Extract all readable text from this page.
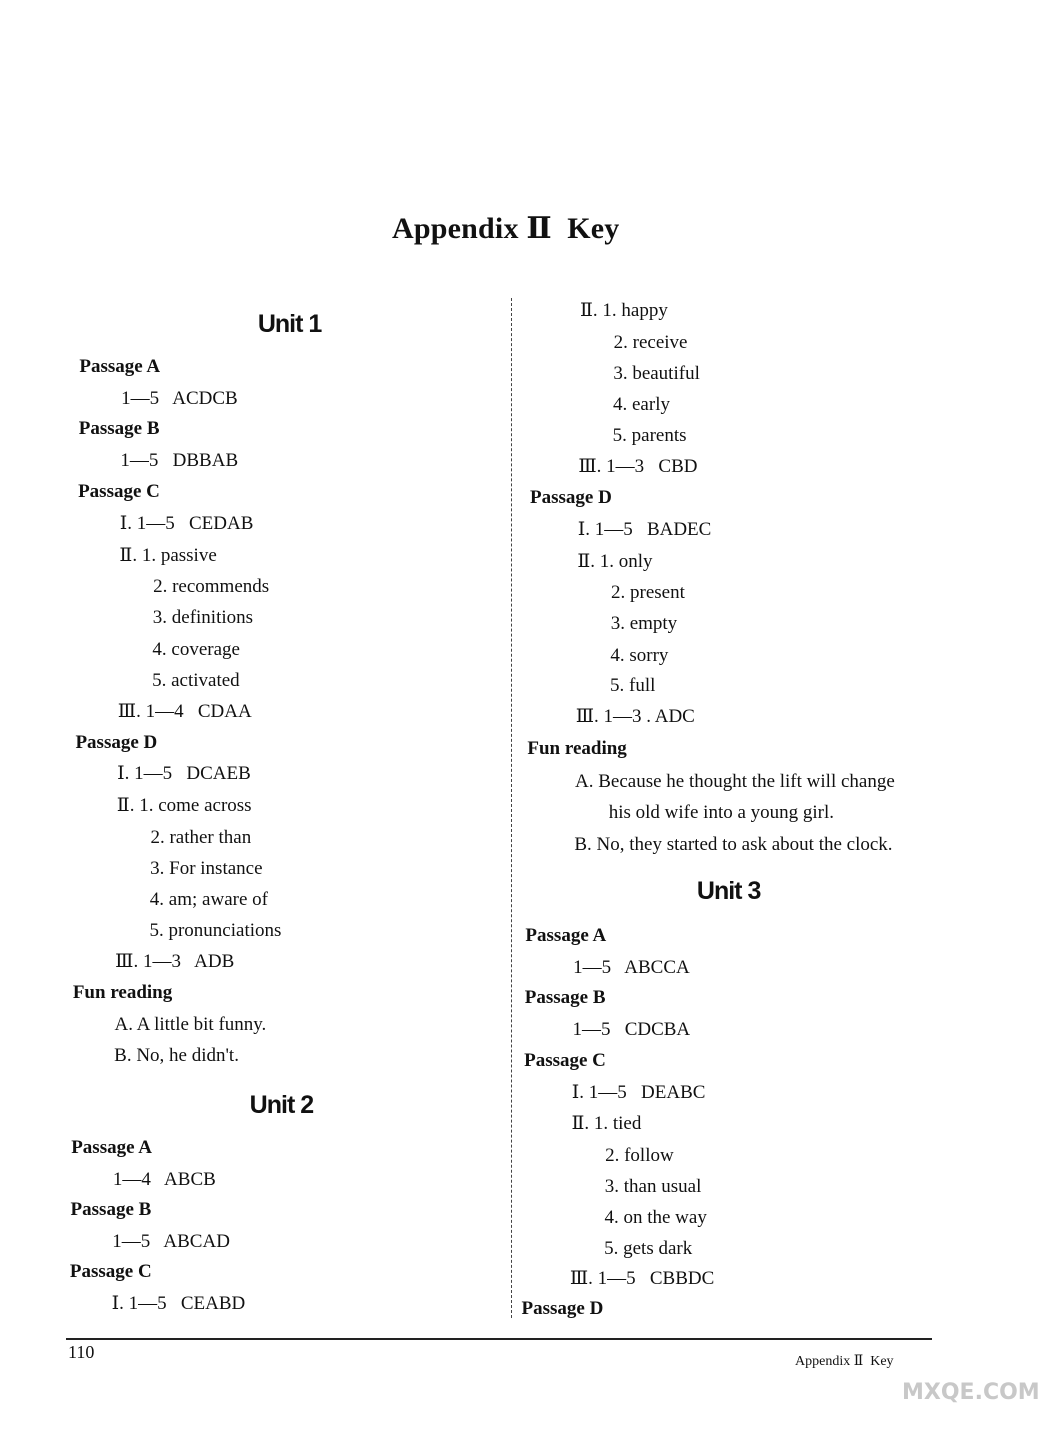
Appendix Ⅱ  Key
Unit 1
Passage A
1—5   ACDCB
Passage B
1—5   DBBAB
Passage C
Ⅰ. 1—5   CEDAB
Ⅱ. 1. passive
2. recommends
3. definitions
4. coverage
5. activated
Ⅲ. 1—4   CDAA
Passage D
Ⅰ. 1—5   DCAEB
Ⅱ. 1. come across
2. rather than
3. For instance
4. am; aware of
5. pronunciations
Ⅲ. 1—3   ADB
Fun reading
A. A little bit funny.
B. No, he didn't.
Unit 2
Passage A
1—4   ABCB
Passage B
1—5   ABCAD
Passage C
Ⅰ. 1—5   CEABD
Ⅱ. 1. happy
2. receive
3. beautiful
4. early
5. parents
Ⅲ. 1—3   CBD
Passage D
Ⅰ. 1—5   BADEC
Ⅱ. 1. only
2. present
3. empty
4. sorry
5. full
Ⅲ. 1—3 . ADC
Fun reading
A. Because he thought the lift will change
his old wife into a young girl.
B. No, they started to ask about the clock.
Unit 3
Passage A
1—5   ABCCA
Passage B
1—5   CDCBA
Passage C
Ⅰ. 1—5   DEABC
Ⅱ. 1. tied
2. follow
3. than usual
4. on the way
5. gets dark
Ⅲ. 1—5   CBBDC
Passage D
110	Appendix Ⅱ  Key
MXQE.COM
